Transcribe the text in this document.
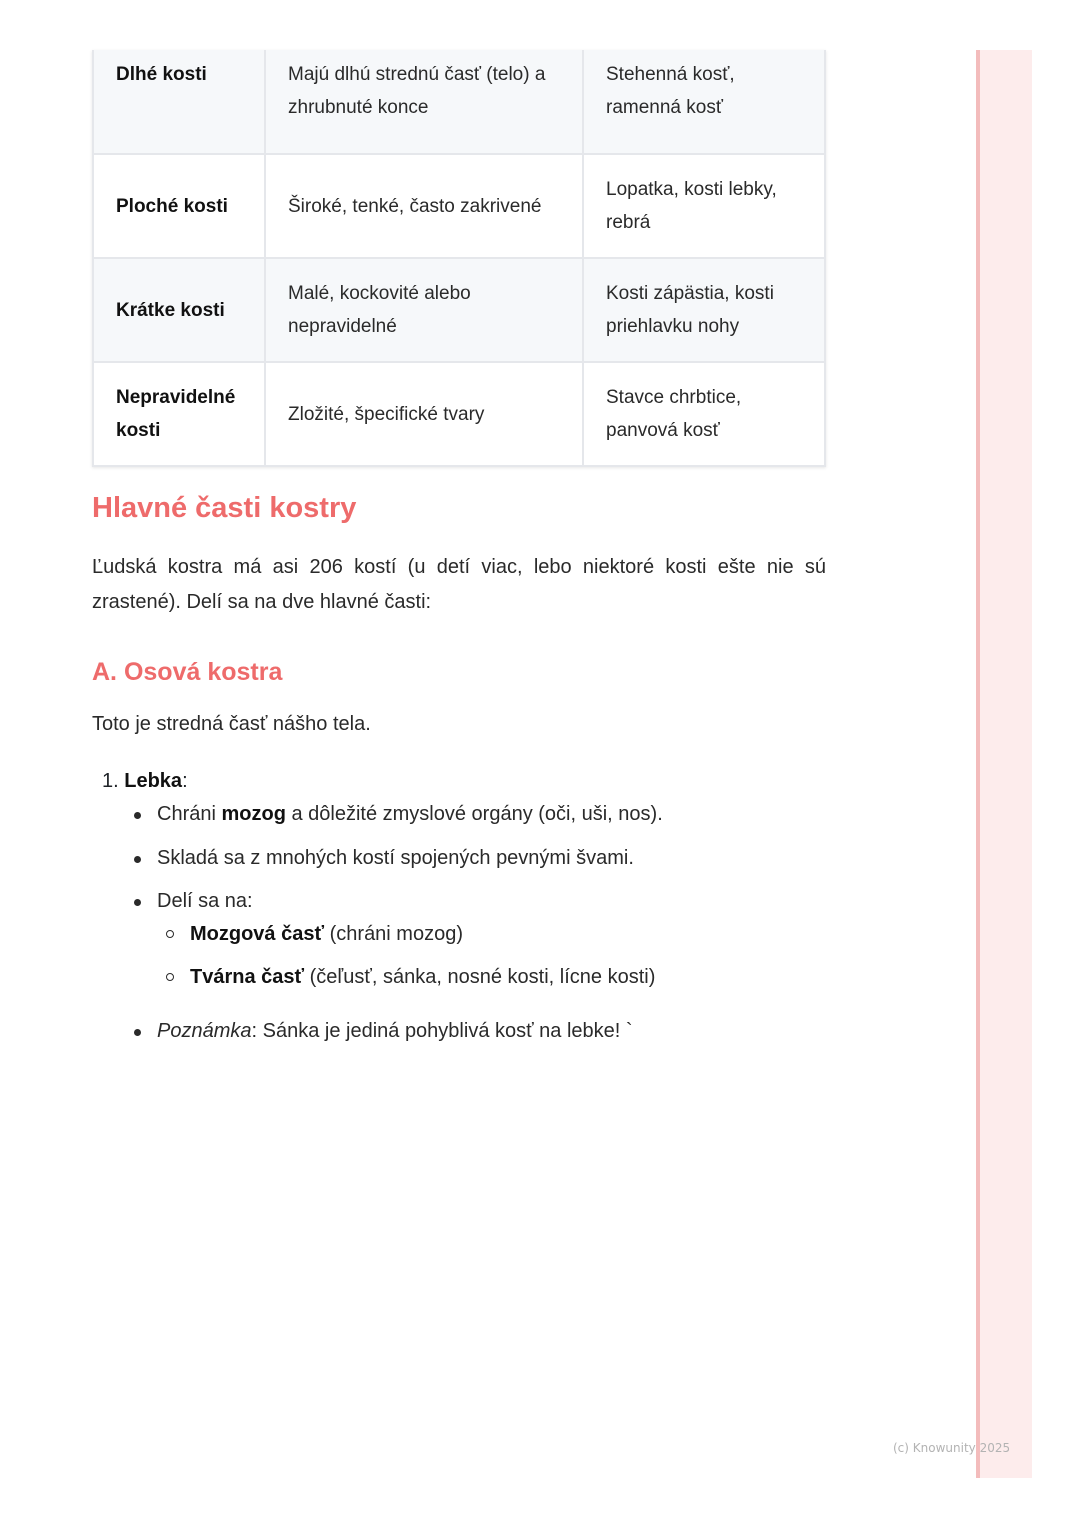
Dlhé kosti	Majú dlhú strednú časť (telo) a zhrubnuté konce	Stehenná kosť, ramenná kosť
Ploché kosti	Široké, tenké, často zakrivené	Lopatka, kosti lebky, rebrá
Krátke kosti	Malé, kockovité alebo nepravidelné	Kosti zápästia, kosti priehlavku nohy
Nepravidelné kosti	Zložité, špecifické tvary	Stavce chrbtice, panvová kosť
Hlavné časti kostry

Ľudská kostra má asi 206 kostí (u detí viac, lebo niektoré kosti ešte nie sú zrastené). Delí sa na dve hlavné časti:

A. Osová kostra

Toto je stredná časť nášho tela.

1. Lebka:
Chráni mozog a dôležité zmyslové orgány (oči, uši, nos).
Skladá sa z mnohých kostí spojených pevnými švami.
Delí sa na:
Mozgová časť (chráni mozog)
Tvárna časť (čeľusť, sánka, nosné kosti, lícne kosti)
Poznámka: Sánka je jediná pohyblivá kosť na lebke! `
(c) Knowunity 2025
